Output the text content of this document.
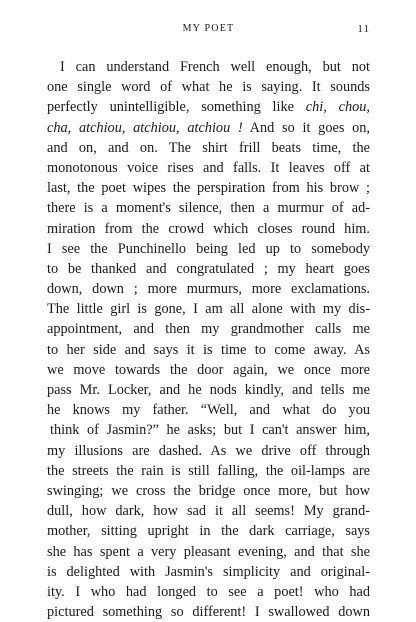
MY POET	11
I can understand French well enough, but not
one single word of what he is saying. It sounds
perfectly unintelligible, something like chi, chou,
cha, atchiou, atchiou, atchiou ! And so it goes on,
and on, and on. The shirt frill beats time, the
monotonous voice rises and falls. It leaves off at
last, the poet wipes the perspiration from his brow ;
there is a moment's silence, then a murmur of ad-
miration from the crowd which closes round him.
I see the Punchinello being led up to somebody
to be thanked and congratulated ; my heart goes
down, down ; more murmurs, more exclamations.
The little girl is gone, I am all alone with my dis-
appointment, and then my grandmother calls me
to her side and says it is time to come away. As
we move towards the door again, we once more
pass Mr. Locker, and he nods kindly, and tells me
he knows my father. “Well, and what do you
think of Jasmin?” he asks; but I can't answer him,
my illusions are dashed. As we drive off through
the streets the rain is still falling, the oil-lamps are
swinging; we cross the bridge once more, but how
dull, how dark, how sad it all seems! My grand-
mother, sitting upright in the dark carriage, says
she has spent a very pleasant evening, and that she
is delighted with Jasmin's simplicity and original-
ity. I who had longed to see a poet! who had
pictured something so different! I swallowed down
